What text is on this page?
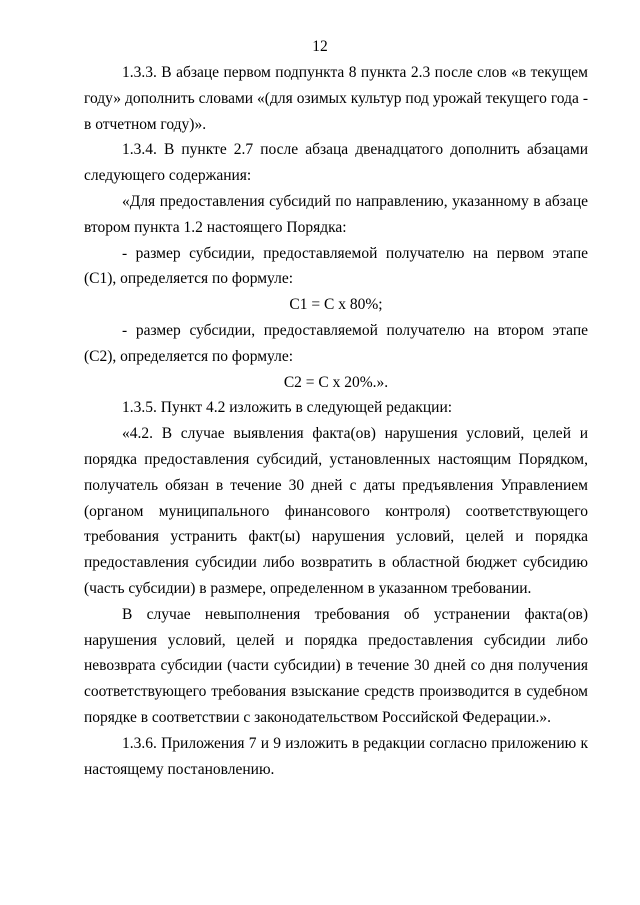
12

1.3.3. В абзаце первом подпункта 8 пункта 2.3 после слов «в текущем году» дополнить словами «(для озимых культур под урожай текущего года - в отчетном году)».

1.3.4. В пункте 2.7 после абзаца двенадцатого дополнить абзацами следующего содержания:

«Для предоставления субсидий по направлению, указанному в абзаце втором пункта 1.2 настоящего Порядка:

- размер субсидии, предоставляемой получателю на первом этапе (С1), определяется по формуле:

С1 = С х 80%;

- размер субсидии, предоставляемой получателю на втором этапе (С2), определяется по формуле:

С2 = С х 20%.».

1.3.5. Пункт 4.2 изложить в следующей редакции:

«4.2. В случае выявления факта(ов) нарушения условий, целей и порядка предоставления субсидий, установленных настоящим Порядком, получатель обязан в течение 30 дней с даты предъявления Управлением (органом муниципального финансового контроля) соответствующего требования устранить факт(ы) нарушения условий, целей и порядка предоставления субсидии либо возвратить в областной бюджет субсидию (часть субсидии) в размере, определенном в указанном требовании.

В случае невыполнения требования об устранении факта(ов) нарушения условий, целей и порядка предоставления субсидии либо невозврата субсидии (части субсидии) в течение 30 дней со дня получения соответствующего требования взыскание средств производится в судебном порядке в соответствии с законодательством Российской Федерации.».

1.3.6. Приложения 7 и 9 изложить в редакции согласно приложению к настоящему постановлению.
